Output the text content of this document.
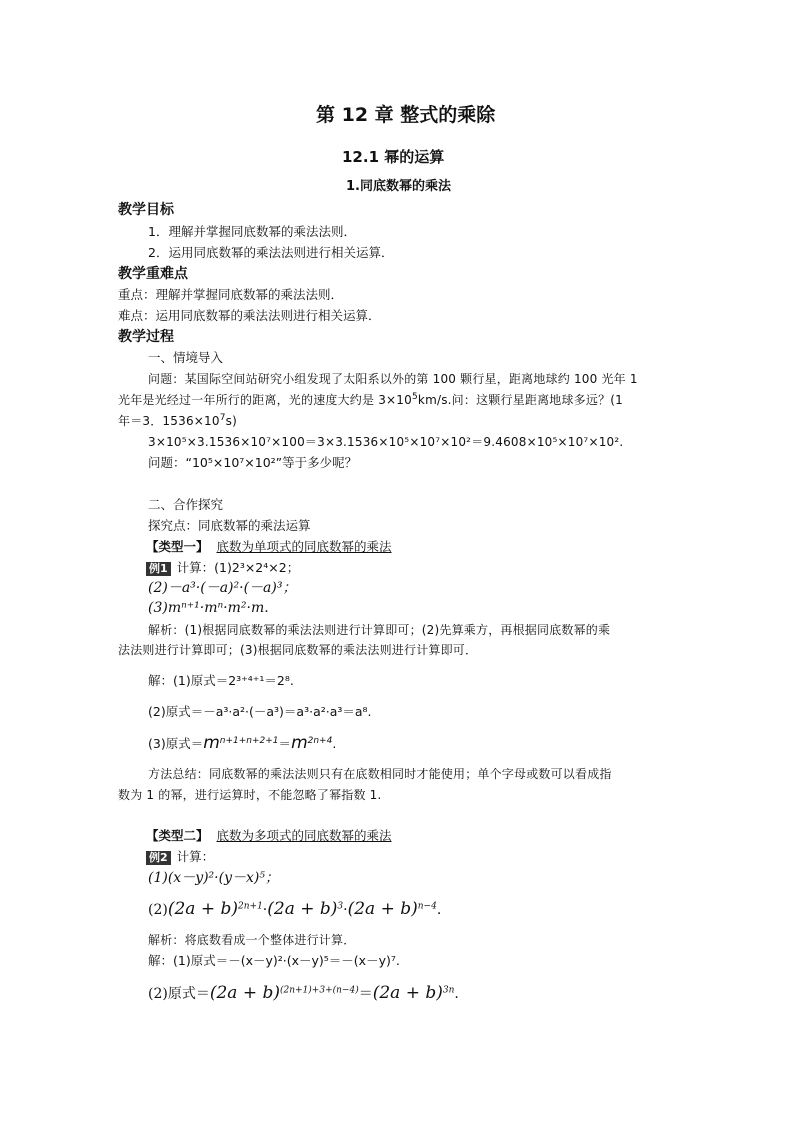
第 12 章 整式的乘除
12.1 幂的运算
1.同底数幂的乘法
教学目标
1．理解并掌握同底数幂的乘法法则．
2．运用同底数幂的乘法法则进行相关运算．
教学重难点
重点：理解并掌握同底数幂的乘法法则．
难点：运用同底数幂的乘法法则进行相关运算．
教学过程
一、情境导入
问题：某国际空间站研究小组发现了太阳系以外的第 100 颗行星，距离地球约 100 光年 1
光年是光经过一年所行的距离，光的速度大约是 $3\times 10^5km/s$.问：这颗行星距离地球多远？(1
年＝3．$1536\times 10^7s$)
3×10⁵×3.1536×10⁷×100＝3×3.1536×10⁵×10⁷×10²＝9.4608×10⁵×10⁷×10².
问题：“10⁵×10⁷×10²”等于多少呢？
二、合作探究
探究点：同底数幂的乘法运算
【类型一】 底数为单项式的同底数幂的乘法
例1 计算：(1)2³×2⁴×2；
(2)－a³·(－a)²·(－a)³；
(3)mⁿ⁺¹·mⁿ·m²·m.
解析：(1)根据同底数幂的乘法法则进行计算即可；(2)先算乘方，再根据同底数幂的乘
法法则进行计算即可；(3)根据同底数幂的乘法法则进行计算即可．
解：(1)原式＝2³⁺⁴⁺¹＝2⁸.
(2)原式＝－a³·a²·(－a³)＝a³·a²·a³＝a⁸.
(3)原式$=m^{n+1+n+2+1}=m^{2n+4}$.
方法总结：同底数幂的乘法法则只有在底数相同时才能使用；单个字母或数可以看成指
数为 1 的幂，进行运算时，不能忽略了幂指数 1.
【类型二】 底数为多项式的同底数幂的乘法
例2 计算：
(1)(x－y)²·(y－x)⁵；
$(2)(2a + b)^{2n+1}\cdot(2a + b)^3\cdot(2a + b)^{n-4}$.
解析：将底数看成一个整体进行计算．
解：(1)原式＝－(x－y)²·(x－y)⁵＝－(x－y)⁷.
(2)原式$=(2a + b)^{(2n+1)+3+(n-4)}=(2a + b)^{3n}$.
